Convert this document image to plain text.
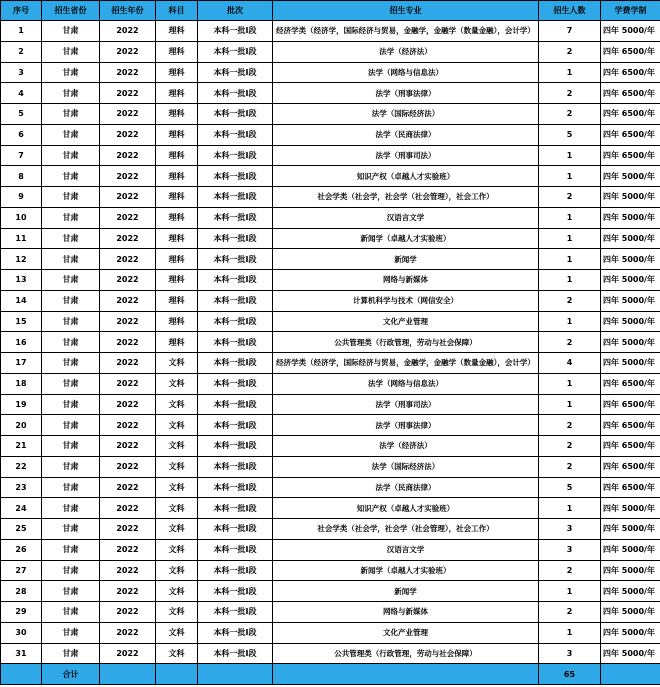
序号	招生省份	招生年份	科目	批次	招生专业	招生人数	学费学制
1	甘肃	2022	理科	本科一批Ⅰ段	经济学类（经济学，国际经济与贸易，金融学，金融学（数量金融），会计学）	7	四年 5000/年
2	甘肃	2022	理科	本科一批Ⅰ段	法学（经济法）	2	四年 6500/年
3	甘肃	2022	理科	本科一批Ⅰ段	法学（网络与信息法）	1	四年 6500/年
4	甘肃	2022	理科	本科一批Ⅰ段	法学（刑事法律）	2	四年 6500/年
5	甘肃	2022	理科	本科一批Ⅰ段	法学（国际经济法）	2	四年 6500/年
6	甘肃	2022	理科	本科一批Ⅰ段	法学（民商法律）	5	四年 6500/年
7	甘肃	2022	理科	本科一批Ⅰ段	法学（刑事司法）	1	四年 6500/年
8	甘肃	2022	理科	本科一批Ⅰ段	知识产权（卓越人才实验班）	1	四年 5000/年
9	甘肃	2022	理科	本科一批Ⅰ段	社会学类（社会学，社会学（社会管理），社会工作）	2	四年 5000/年
10	甘肃	2022	理科	本科一批Ⅰ段	汉语言文学	1	四年 5000/年
11	甘肃	2022	理科	本科一批Ⅰ段	新闻学（卓越人才实验班）	1	四年 5000/年
12	甘肃	2022	理科	本科一批Ⅰ段	新闻学	1	四年 5000/年
13	甘肃	2022	理科	本科一批Ⅰ段	网络与新媒体	1	四年 5000/年
14	甘肃	2022	理科	本科一批Ⅰ段	计算机科学与技术（网信安全）	2	四年 5000/年
15	甘肃	2022	理科	本科一批Ⅰ段	文化产业管理	1	四年 5000/年
16	甘肃	2022	理科	本科一批Ⅰ段	公共管理类（行政管理，劳动与社会保障）	2	四年 5000/年
17	甘肃	2022	文科	本科一批Ⅰ段	经济学类（经济学，国际经济与贸易，金融学，金融学（数量金融），会计学）	4	四年 5000/年
18	甘肃	2022	文科	本科一批Ⅰ段	法学（网络与信息法）	1	四年 6500/年
19	甘肃	2022	文科	本科一批Ⅰ段	法学（刑事司法）	1	四年 6500/年
20	甘肃	2022	文科	本科一批Ⅰ段	法学（刑事法律）	2	四年 6500/年
21	甘肃	2022	文科	本科一批Ⅰ段	法学（经济法）	2	四年 6500/年
22	甘肃	2022	文科	本科一批Ⅰ段	法学（国际经济法）	2	四年 6500/年
23	甘肃	2022	文科	本科一批Ⅰ段	法学（民商法律）	5	四年 6500/年
24	甘肃	2022	文科	本科一批Ⅰ段	知识产权（卓越人才实验班）	1	四年 5000/年
25	甘肃	2022	文科	本科一批Ⅰ段	社会学类（社会学，社会学（社会管理），社会工作）	3	四年 5000/年
26	甘肃	2022	文科	本科一批Ⅰ段	汉语言文学	3	四年 5000/年
27	甘肃	2022	文科	本科一批Ⅰ段	新闻学（卓越人才实验班）	2	四年 5000/年
28	甘肃	2022	文科	本科一批Ⅰ段	新闻学	1	四年 5000/年
29	甘肃	2022	文科	本科一批Ⅰ段	网络与新媒体	2	四年 5000/年
30	甘肃	2022	文科	本科一批Ⅰ段	文化产业管理	1	四年 5000/年
31	甘肃	2022	文科	本科一批Ⅰ段	公共管理类（行政管理，劳动与社会保障）	3	四年 5000/年
	合计					65	
